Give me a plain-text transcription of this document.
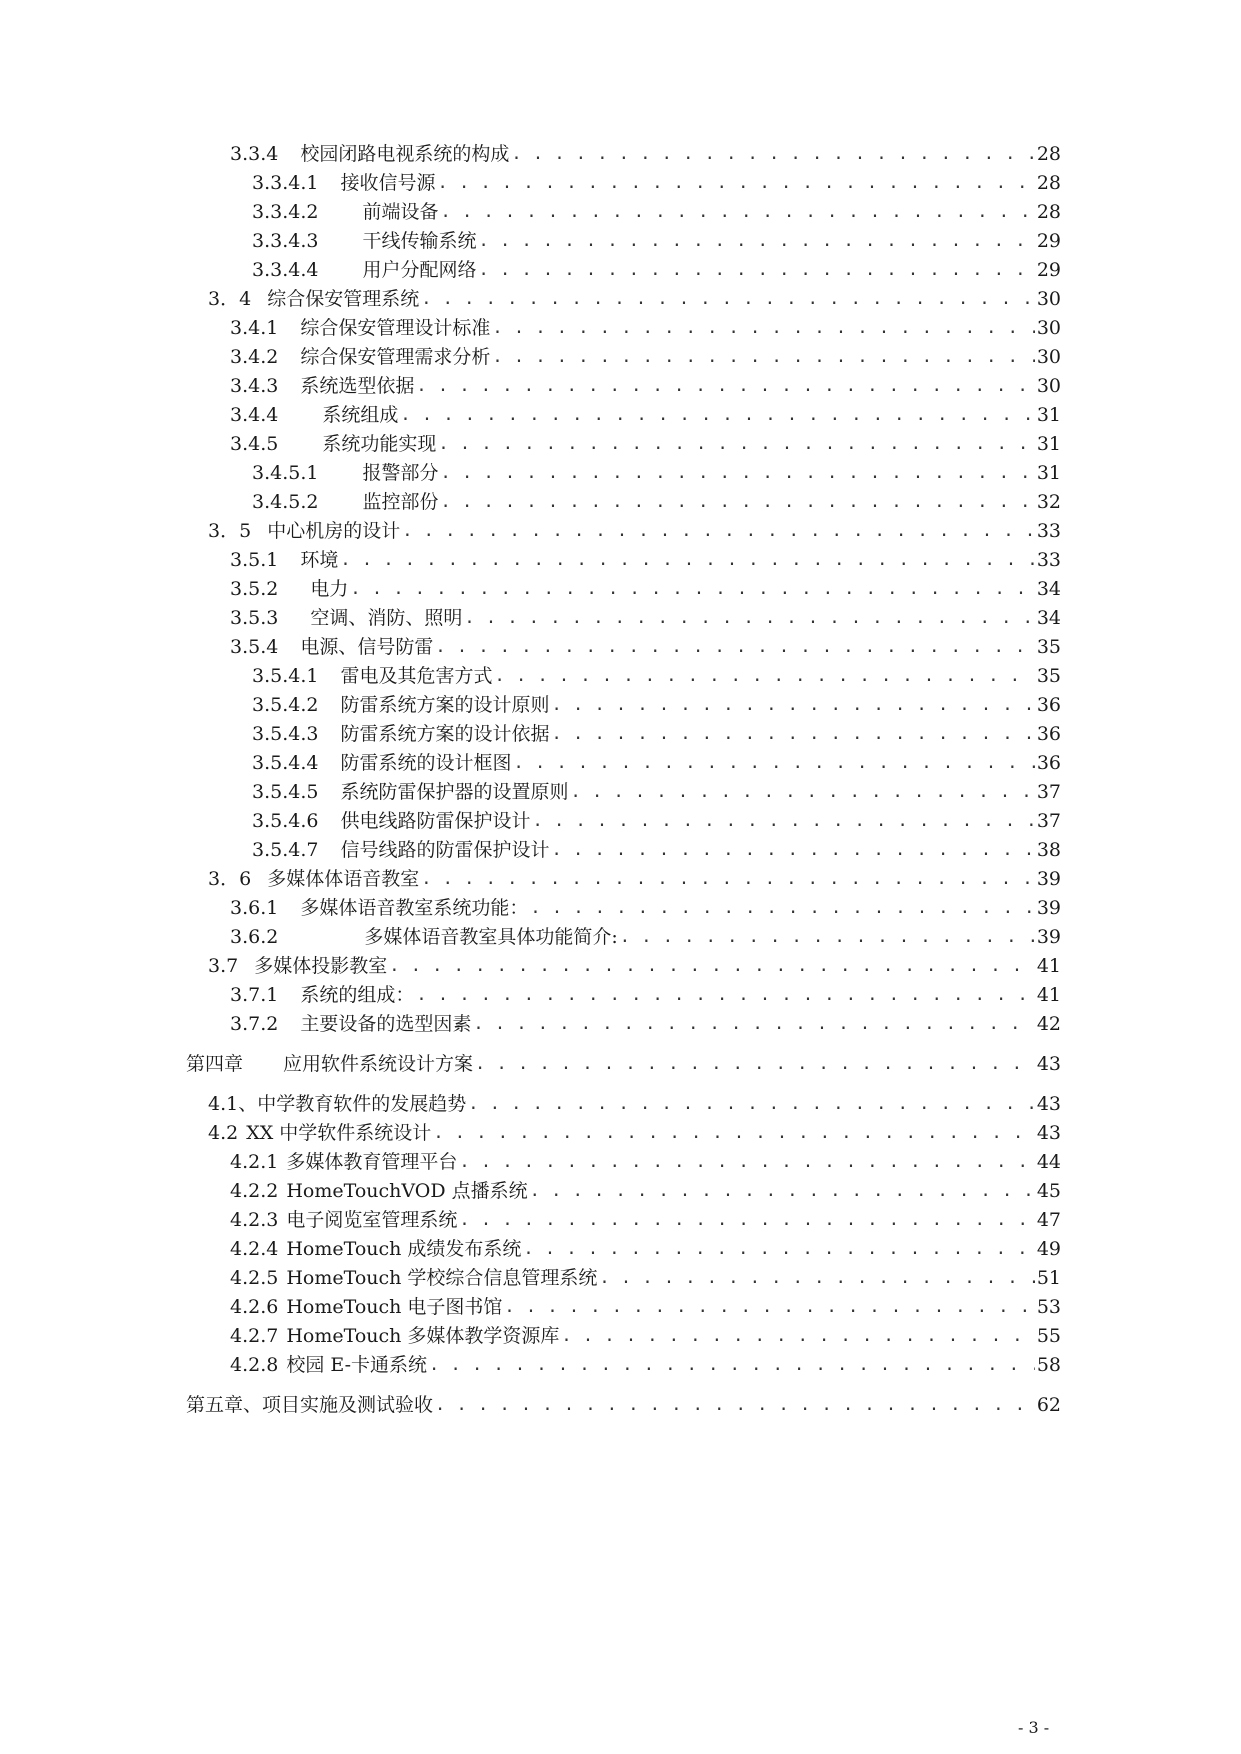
3.3.4 校园闭路电视系统的构成 . . .	28
3.3.4.1 接收信号源 . . .	28
3.3.4.2 前端设备 . . .	28
3.3.4.3 干线传输系统 . . .	29
3.3.4.4 用户分配网络 . . .	29
3．4 综合保安管理系统 . . .	30
3.4.1 综合保安管理设计标准 . . .	30
3.4.2 综合保安管理需求分析 . . .	30
3.4.3 系统选型依据 . . .	30
3.4.4 系统组成 . . .	31
3.4.5 系统功能实现 . . .	31
3.4.5.1 报警部分 . . .	31
3.4.5.2 监控部份 . . .	32
3．5 中心机房的设计 . . .	33
3.5.1 环境 . . .	33
3.5.2 电力 . . .	34
3.5.3 空调、消防、照明 . . .	34
3.5.4 电源、信号防雷 . . .	35
3.5.4.1 雷电及其危害方式 . . .	35
3.5.4.2 防雷系统方案的设计原则 . . .	36
3.5.4.3 防雷系统方案的设计依据 . . .	36
3.5.4.4 防雷系统的设计框图 . . .	36
3.5.4.5 系统防雷保护器的设置原则 . . .	37
3.5.4.6 供电线路防雷保护设计 . . .	37
3.5.4.7 信号线路的防雷保护设计 . . .	38
3．6 多媒体体语音教室 . . .	39
3.6.1 多媒体语音教室系统功能： . . .	39
3.6.2	多媒体语音教室具体功能简介: . . .	39
3.7 多媒体投影教室 . . .	41
3.7.1 系统的组成： . . .	41
3.7.2 主要设备的选型因素 . . .	42
第四章 应用软件系统设计方案 . . .	43
4.1、 中学教育软件的发展趋势 . . .	43
4.2 XX 中学软件系统设计 . . .	43
4.2.1 多媒体教育管理平台 . . .	44
4.2.2 HomeTouchVOD 点播系统 . . .	45
4.2.3 电子阅览室管理系统 . . .	47
4.2.4 HomeTouch 成绩发布系统 . . .	49
4.2.5 HomeTouch 学校综合信息管理系统 . . .	51
4.2.6 HomeTouch 电子图书馆 . . .	53
4.2.7 HomeTouch 多媒体教学资源库 . . .	55
4.2.8 校园 E-卡通系统 . . .	58
第五章、 项目实施及测试验收 . . .	62
- 3 -
